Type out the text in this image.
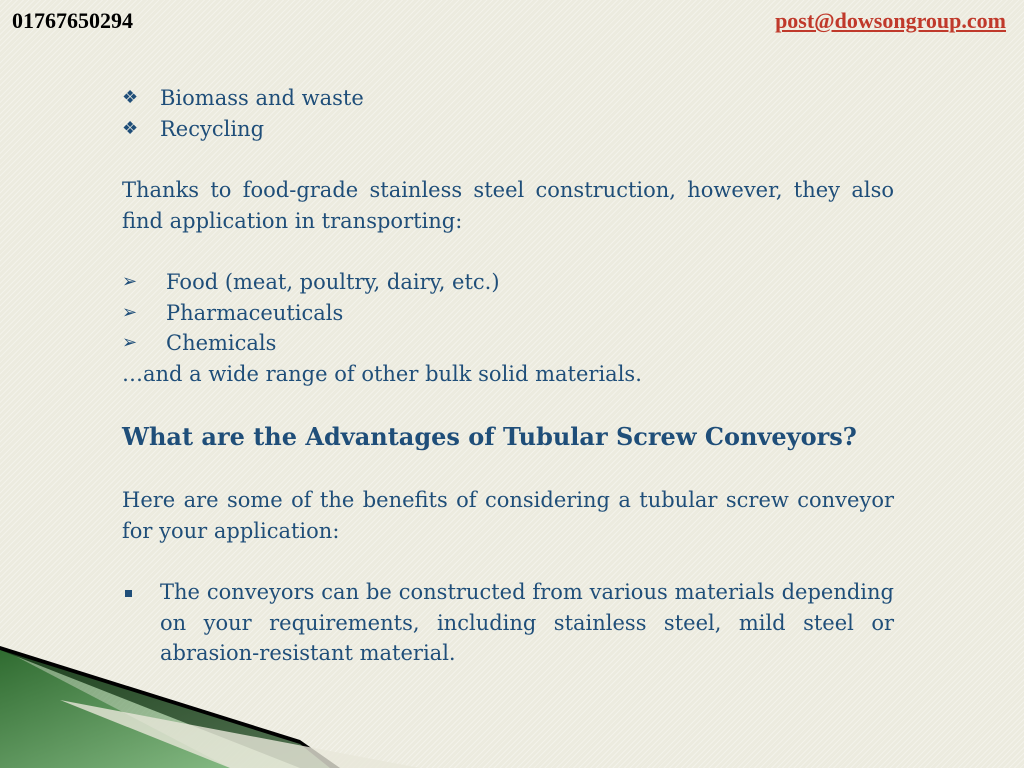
01767650294	post@dowsongroup.com
❖	Biomass and waste
❖	Recycling

Thanks to food-grade stainless steel construction, however, they also find application in transporting:

➢	Food (meat, poultry, dairy, etc.)
➢	Pharmaceuticals
➢	Chemicals

…and a wide range of other bulk solid materials.

What are the Advantages of Tubular Screw Conveyors?

Here are some of the benefits of considering a tubular screw conveyor for your application:

The conveyors can be constructed from various materials depending on your requirements, including stainless steel, mild steel or abrasion-resistant material.
